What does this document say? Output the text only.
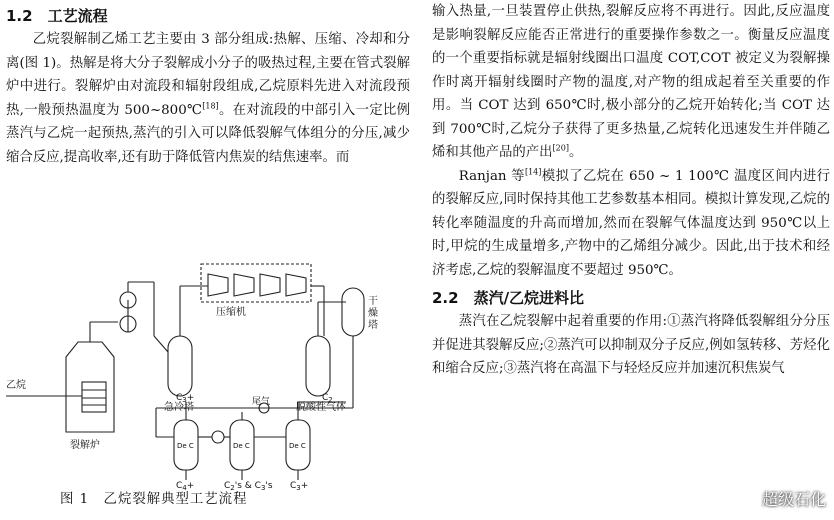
1.2　工艺流程

乙烷裂解制乙烯工艺主要由 3 部分组成:热解、压缩、冷却和分离(图 1)。热解是将大分子裂解成小分子的吸热过程,主要在管式裂解炉中进行。裂解炉由对流段和辐射段组成,乙烷原料先进入对流段预热,一般预热温度为 500~800℃[18]。在对流段的中部引入一定比例蒸汽与乙烷一起预热,蒸汽的引入可以降低裂解气体组分的分压,减少缩合反应,提高收率,还有助于降低管内焦炭的结焦速率。而

压缩机
干燥塔
急冷塔	脱酸性气体
乙烷
裂解炉
尾气
$C_3+$	$C_2$
$C_4+$	$C_2's$ & $C_3's$ $C_3+$
De C	De C	De C
图 1　乙烷裂解典型工艺流程

输入热量,一旦装置停止供热,裂解反应将不再进行。因此,反应温度是影响裂解反应能否正常进行的重要操作参数之一。衡量反应温度的一个重要指标就是辐射线圈出口温度 COT,COT 被定义为裂解操作时离开辐射线圈时产物的温度,对产物的组成起着至关重要的作用。当 COT 达到 650℃时,极小部分的乙烷开始转化;当 COT 达到 700℃时,乙烷分子获得了更多热量,乙烷转化迅速发生并伴随乙烯和其他产品的产出[20]。

Ranjan 等[14]模拟了乙烷在 650 ~ 1 100℃ 温度区间内进行的裂解反应,同时保持其他工艺参数基本相同。模拟计算发现,乙烷的转化率随温度的升高而增加,然而在裂解气体温度达到 950℃以上时,甲烷的生成量增多,产物中的乙烯组分减少。因此,出于技术和经济考虑,乙烷的裂解温度不要超过 950℃。

2.2　蒸汽/乙烷进料比

蒸汽在乙烷裂解中起着重要的作用:①蒸汽将降低裂解组分分压并促进其裂解反应;②蒸汽可以抑制双分子反应,例如氢转移、芳烃化和缩合反应;③蒸汽将在高温下与轻烃反应并加速沉积焦炭气

超级石化
